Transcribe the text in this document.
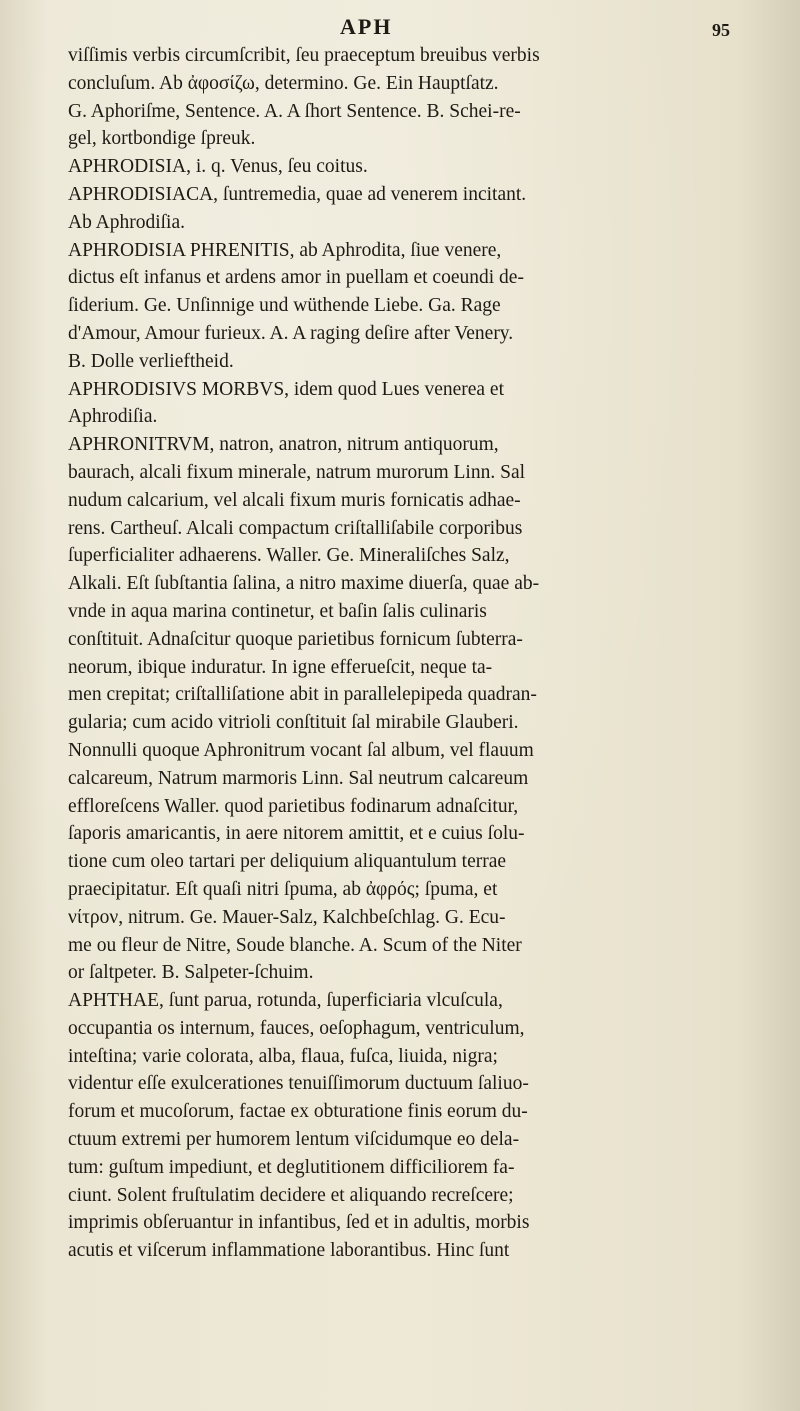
APH	95
viſſimis verbis circumſcribit, ſeu praeceptum breuibus verbis
concluſum. Ab ἀφοσίζω, determino. Ge. Ein Hauptſatz.
G. Aphoriſme, Sentence. A. A ſhort Sentence. B. Schei-re-
gel, kortbondige ſpreuk.
APHRODISIA, i. q. Venus, ſeu coitus.
APHRODISIACA, ſuntremedia, quae ad venerem incitant.
Ab Aphrodiſia.
APHRODISIA PHRENITIS, ab Aphrodita, ſiue venere,
dictus eſt infanus et ardens amor in puellam et coeundi de-
ſiderium. Ge. Unſinnige und wüthende Liebe. Ga. Rage
d'Amour, Amour furieux. A. A raging deſire after Venery.
B. Dolle verliefthеid.
APHRODISIVS MORBVS, idem quod Lues venerea et
Aphrodiſia.
APHRONITRVM, natron, anatron, nitrum antiquorum,
baurach, alcali fixum minerale, natrum murorum Linn. Sal
nudum calcarium, vel alcali fixum muris fornicatis adhae-
rens. Cartheuſ. Alcali compactum criſtalliſabile corporibus
ſuperficialiter adhaerens. Waller. Ge. Mineraliſches Salz,
Alkali. Eſt ſubſtantia ſalina, a nitro maxime diuerſa, quae ab-
vnde in aqua marina continetur, et baſin ſalis culinaris
conſtituit. Adnaſcitur quoque parietibus fornicum ſubterra-
neorum, ibique induratur. In igne efferueſcit, neque ta-
men crepitat; criſtalliſatione abit in parallelepipeda quadran-
gularia; cum acido vitrioli conſtituit ſal mirabile Glauberi.
Nonnulli quoque Aphronitrum vocant ſal album, vel flauum
calcareum, Natrum marmoris Linn. Sal neutrum calcareum
efflоreſcens Waller. quod parietibus fodinarum adnaſcitur,
ſaporis amaricantis, in aere nitorem amittit, et e cuius ſolu-
tione cum oleo tartari per deliquium aliquantulum terrae
praecipitatur. Eſt quaſi nitri ſpuma, ab ἀφρός; ſpuma, et
νίτρον, nitrum. Ge. Mauer-Salz, Kalchbeſchlag. G. Ecu-
me ou fleur de Nitre, Soude blanche. A. Scum of the Niter
or ſaltpeter. B. Salpeter-ſchuim.
APHTHAE, ſunt parua, rotunda, ſuperficiaria vlcuſcula,
occupantia os internum, fauces, oeſophagum, ventriculum,
inteſtina; varie colorata, alba, flaua, fuſca, liuida, nigra;
videntur eſſe exulcerationes tenuiſſimorum ductuum ſaliuo-
forum et mucoſorum, factae ex obturatione finis eorum du-
ctuum extremi per humorem lentum viſcidumque eo dela-
tum: guſtum impediunt, et deglutitionem difficiliorem fa-
ciunt. Solent fruſtulatim decidere et aliquando recreſcere;
imprimis obſeruantur in infantibus, ſed et in adultis, morbis
acutis et viſcerum inflammatione laborantibus. Hinc ſunt
